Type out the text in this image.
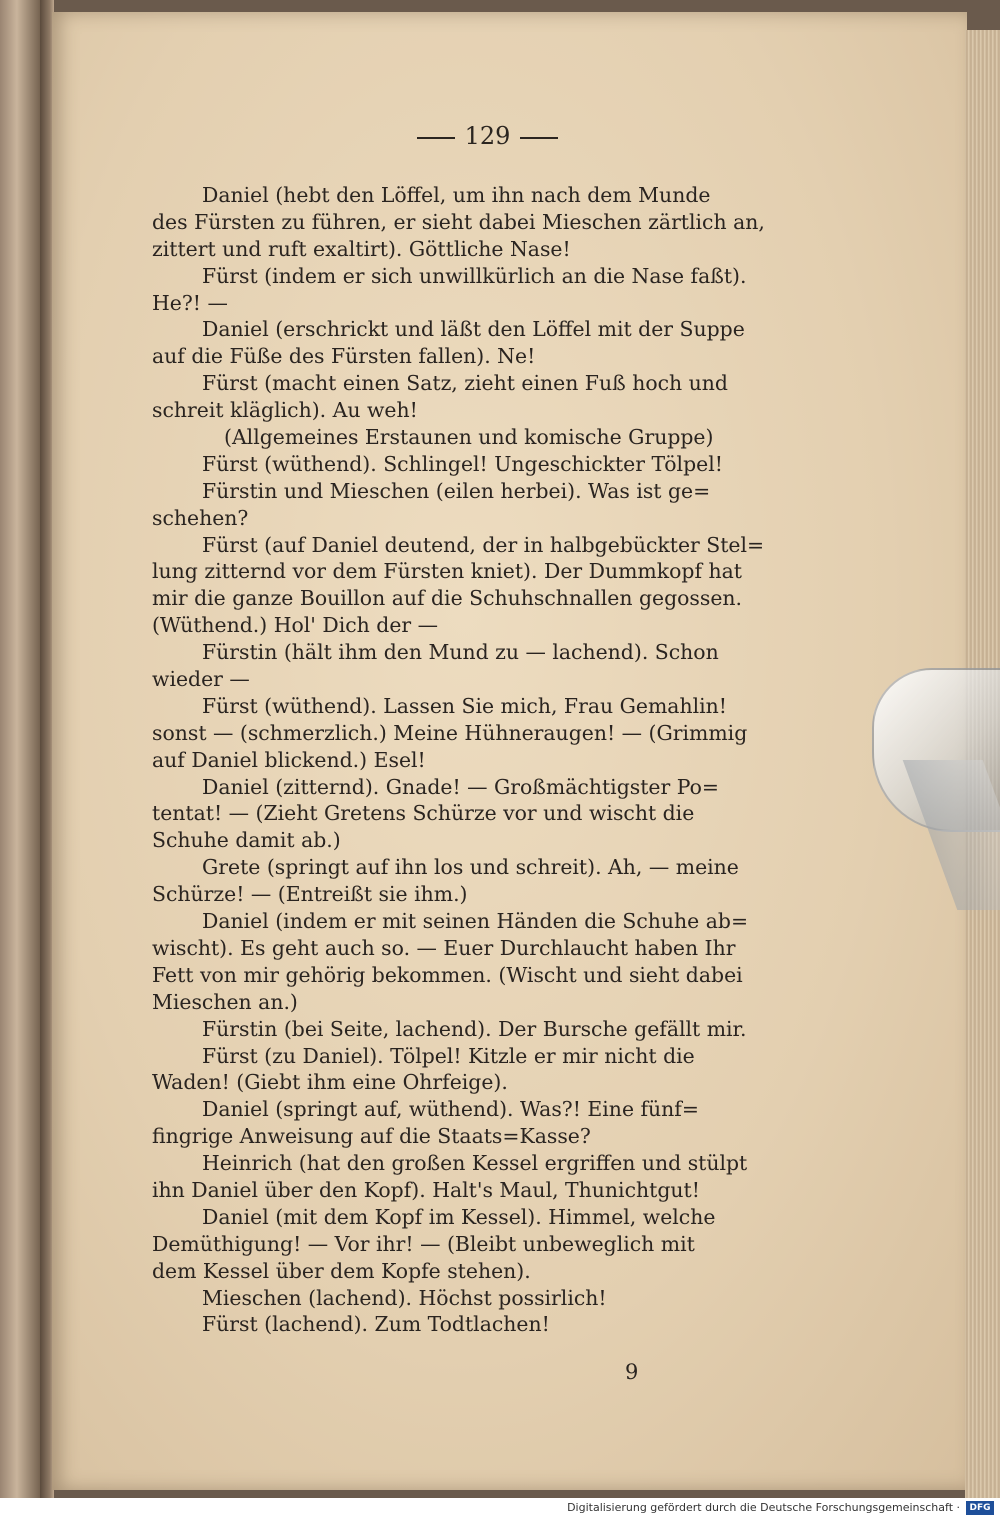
129
Daniel (hebt den Löffel, um ihn nach dem Munde
des Fürsten zu führen, er sieht dabei Mieschen zärtlich an,
zittert und ruft exaltirt). Göttliche Nase!
Fürst (indem er sich unwillkürlich an die Nase faßt).
He?! —
Daniel (erschrickt und läßt den Löffel mit der Suppe
auf die Füße des Fürsten fallen). Ne!
Fürst (macht einen Satz, zieht einen Fuß hoch und
schreit kläglich). Au weh!
(Allgemeines Erstaunen und komische Gruppe)
Fürst (wüthend). Schlingel! Ungeschickter Tölpel!
Fürstin und Mieschen (eilen herbei). Was ist ge=
schehen?
Fürst (auf Daniel deutend, der in halbgebückter Stel=
lung zitternd vor dem Fürsten kniet). Der Dummkopf hat
mir die ganze Bouillon auf die Schuhschnallen gegossen.
(Wüthend.) Hol' Dich der —
Fürstin (hält ihm den Mund zu — lachend). Schon
wieder —
Fürst (wüthend). Lassen Sie mich, Frau Gemahlin!
sonst — (schmerzlich.) Meine Hühneraugen! — (Grimmig
auf Daniel blickend.) Esel!
Daniel (zitternd). Gnade! — Großmächtigster Po=
tentat! — (Zieht Gretens Schürze vor und wischt die
Schuhe damit ab.)
Grete (springt auf ihn los und schreit). Ah, — meine
Schürze! — (Entreißt sie ihm.)
Daniel (indem er mit seinen Händen die Schuhe ab=
wischt). Es geht auch so. — Euer Durchlaucht haben Ihr
Fett von mir gehörig bekommen. (Wischt und sieht dabei
Mieschen an.)
Fürstin (bei Seite, lachend). Der Bursche gefällt mir.
Fürst (zu Daniel). Tölpel! Kitzle er mir nicht die
Waden! (Giebt ihm eine Ohrfeige).
Daniel (springt auf, wüthend). Was?! Eine fünf=
fingrige Anweisung auf die Staats=Kasse?
Heinrich (hat den großen Kessel ergriffen und stülpt
ihn Daniel über den Kopf). Halt's Maul, Thunichtgut!
Daniel (mit dem Kopf im Kessel). Himmel, welche
Demüthigung! — Vor ihr! — (Bleibt unbeweglich mit
dem Kessel über dem Kopfe stehen).
Mieschen (lachend). Höchst possirlich!
Fürst (lachend). Zum Todtlachen!
9
Digitalisierung gefördert durch die Deutsche Forschungsgemeinschaft ·	DFG
